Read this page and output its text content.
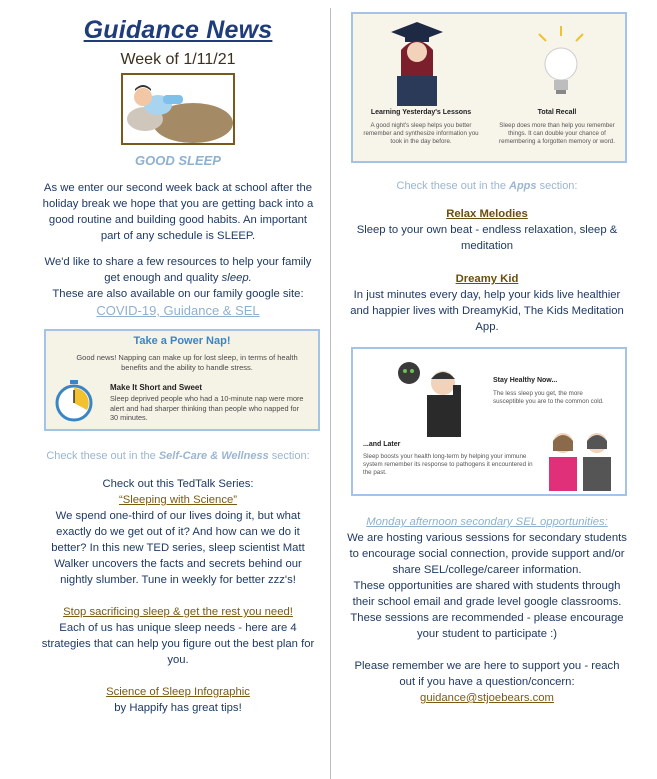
Guidance News
Week of 1/11/21
GOOD SLEEP

As we enter our second week back at school after the holiday break we hope that you are getting back into a good routine and building good habits. An important part of any schedule is SLEEP.

We'd like to share a few resources to help your family get enough and quality sleep.

These are also available on our family google site:

COVID-19, Guidance & SEL

Check these out in the Self-Care & Wellness section:

Check out this TedTalk Series:

“Sleeping with Science”

We spend one-third of our lives doing it, but what exactly do we get out of it? And how can we do it better? In this new TED series, sleep scientist Matt Walker uncovers the facts and secrets behind our nightly slumber. Tune in weekly for better zzz's!

Stop sacrificing sleep & get the rest you need!

Each of us has unique sleep needs - here are 4 strategies that can help you figure out the best plan for you.

Science of Sleep Infographic

by Happify has great tips!

Take a Power Nap!
Good news! Napping can make up for lost sleep, in terms of health benefits and the ability to handle stress.
Make It Short and Sweet
Sleep deprived people who had a 10-minute nap were more alert and had sharper thinking than people who napped for 30 minutes.
Learning Yesterday's Lessons
A good night's sleep helps you better remember and synthesize information you took in the day before.
Total Recall
Sleep does more than help you remember things. It can double your chance of remembering a forgotten memory or word.

Check these out in the Apps section:

Relax Melodies

Sleep to your own beat - endless relaxation, sleep & meditation

Dreamy Kid

In just minutes every day, help your kids live healthier and happier lives with DreamyKid, The Kids Meditation App.

Stay Healthy Now...
The less sleep you get, the more susceptible you are to the common cold.
...and Later
Sleep boosts your health long-term by helping your immune system remember its response to pathogens it encountered in the past.

Monday afternoon secondary SEL opportunities:

We are hosting various sessions for secondary students to encourage social connection, provide support and/or share SEL/college/career information.

These opportunities are shared with students through their school email and grade level google classrooms.

These sessions are recommended - please encourage your student to participate :)

Please remember we are here to support you - reach out if you have a question/concern:

guidance@stjoebears.com
